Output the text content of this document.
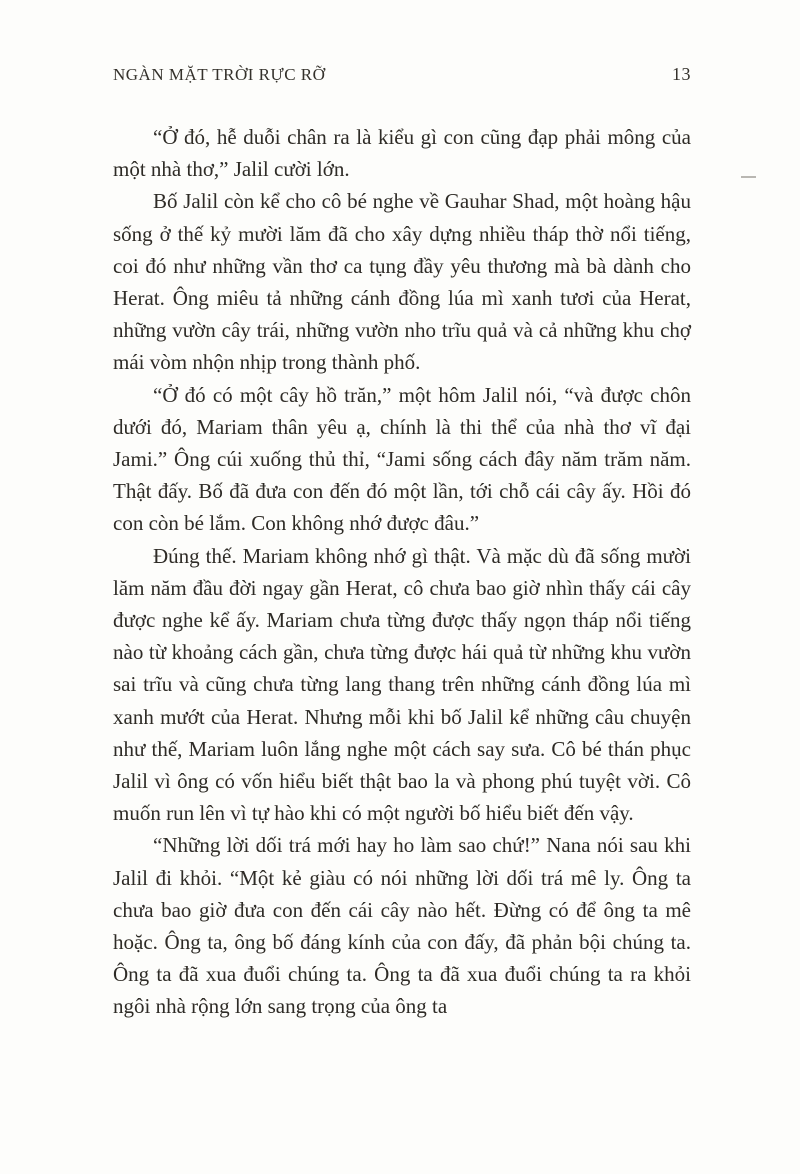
NGÀN MẶT TRỜI RỰC RỠ	13

“Ở đó, hễ duỗi chân ra là kiểu gì con cũng đạp phải mông của một nhà thơ,” Jalil cười lớn.

Bố Jalil còn kể cho cô bé nghe về Gauhar Shad, một hoàng hậu sống ở thế kỷ mười lăm đã cho xây dựng nhiều tháp thờ nổi tiếng, coi đó như những vần thơ ca tụng đầy yêu thương mà bà dành cho Herat. Ông miêu tả những cánh đồng lúa mì xanh tươi của Herat, những vườn cây trái, những vườn nho trĩu quả và cả những khu chợ mái vòm nhộn nhịp trong thành phố.

“Ở đó có một cây hồ trăn,” một hôm Jalil nói, “và được chôn dưới đó, Mariam thân yêu ạ, chính là thi thể của nhà thơ vĩ đại Jami.” Ông cúi xuống thủ thỉ, “Jami sống cách đây năm trăm năm. Thật đấy. Bố đã đưa con đến đó một lần, tới chỗ cái cây ấy. Hồi đó con còn bé lắm. Con không nhớ được đâu.”

Đúng thế. Mariam không nhớ gì thật. Và mặc dù đã sống mười lăm năm đầu đời ngay gần Herat, cô chưa bao giờ nhìn thấy cái cây được nghe kể ấy. Mariam chưa từng được thấy ngọn tháp nổi tiếng nào từ khoảng cách gần, chưa từng được hái quả từ những khu vườn sai trĩu và cũng chưa từng lang thang trên những cánh đồng lúa mì xanh mướt của Herat. Nhưng mỗi khi bố Jalil kể những câu chuyện như thế, Mariam luôn lắng nghe một cách say sưa. Cô bé thán phục Jalil vì ông có vốn hiểu biết thật bao la và phong phú tuyệt vời. Cô muốn run lên vì tự hào khi có một người bố hiểu biết đến vậy.

“Những lời dối trá mới hay ho làm sao chứ!” Nana nói sau khi Jalil đi khỏi. “Một kẻ giàu có nói những lời dối trá mê ly. Ông ta chưa bao giờ đưa con đến cái cây nào hết. Đừng có để ông ta mê hoặc. Ông ta, ông bố đáng kính của con đấy, đã phản bội chúng ta. Ông ta đã xua đuổi chúng ta. Ông ta đã xua đuổi chúng ta ra khỏi ngôi nhà rộng lớn sang trọng của ông ta
